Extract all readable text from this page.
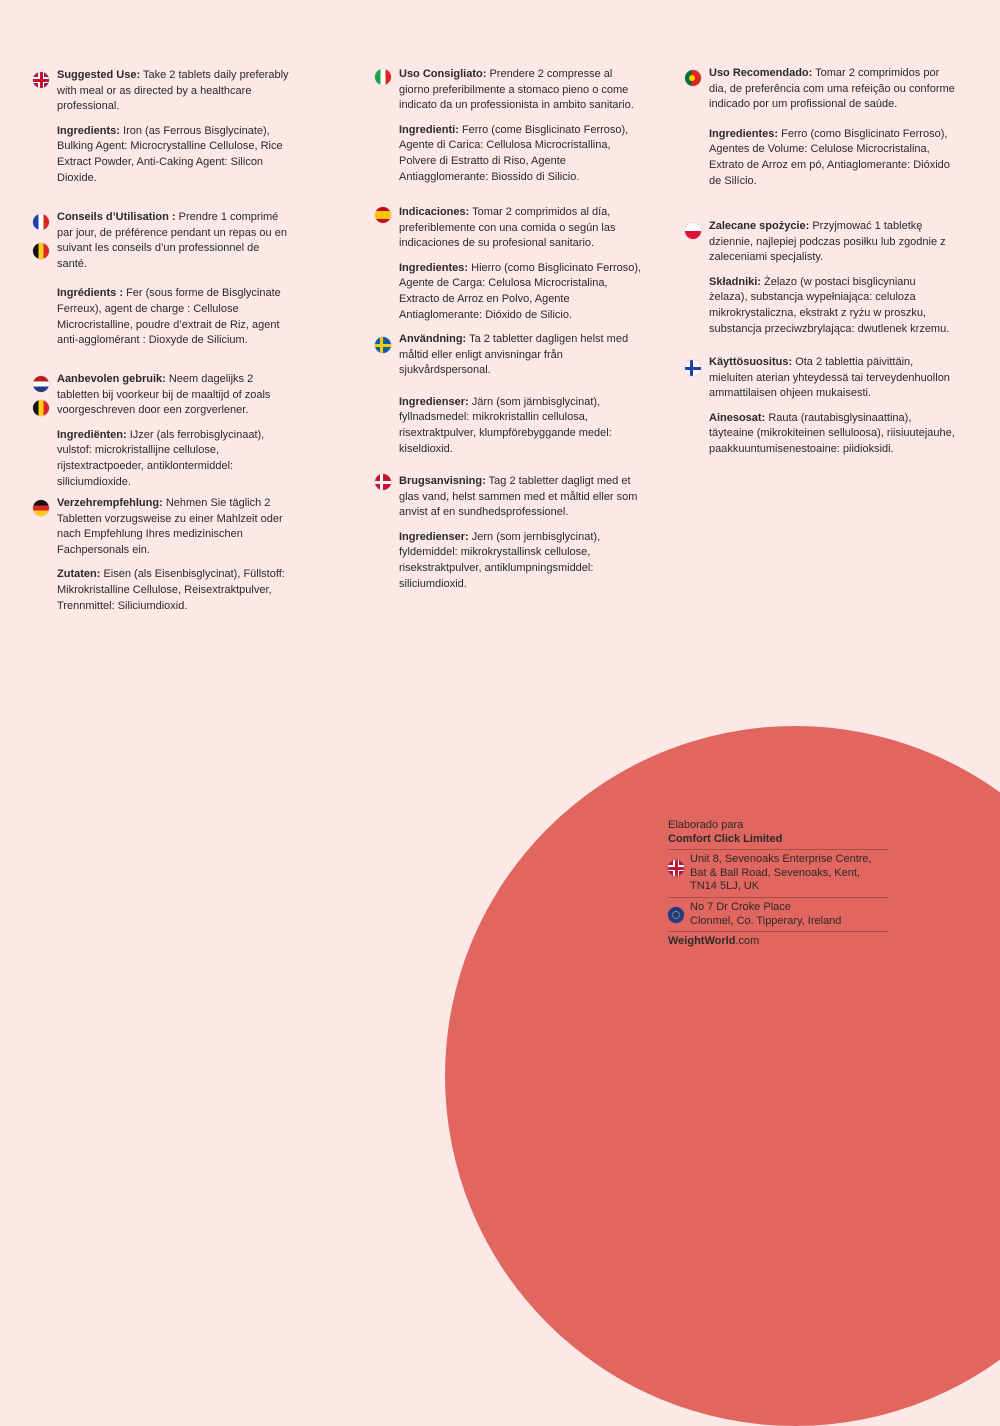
Suggested Use: Take 2 tablets daily preferably with meal or as directed by a healthcare professional.

Ingredients: Iron (as Ferrous Bisglycinate), Bulking Agent: Microcrystalline Cellulose, Rice Extract Powder, Anti-Caking Agent: Silicon Dioxide.

Conseils d’Utilisation : Prendre 1 comprimé par jour, de préférence pendant un repas ou en suivant les conseils d’un professionnel de santé.

Ingrédients : Fer (sous forme de Bisglycinate Ferreux), agent de charge : Cellulose Microcristalline, poudre d’extrait de Riz, agent anti-agglomérant : Dioxyde de Silicium.

Aanbevolen gebruik: Neem dagelijks 2 tabletten bij voorkeur bij de maaltijd of zoals voorgeschreven door een zorgverlener.

Ingrediënten: IJzer (als ferrobisglycinaat), vulstof: microkristallijne cellulose, rijstextractpoeder, antiklontermiddel: siliciumdioxide.

Verzehrempfehlung: Nehmen Sie täglich 2 Tabletten vorzugsweise zu einer Mahlzeit oder nach Empfehlung Ihres medizinischen Fachpersonals ein.

Zutaten: Eisen (als Eisenbisglycinat), Füllstoff: Mikrokristalline Cellulose, Reisextraktpulver, Trennmittel: Siliciumdioxid.

Uso Consigliato: Prendere 2 compresse al giorno preferibilmente a stomaco pieno o come indicato da un professionista in ambito sanitario.

Ingredienti: Ferro (come Bisglicinato Ferroso), Agente di Carica: Cellulosa Microcristallina, Polvere di Estratto di Riso, Agente Antiagglomerante: Biossido di Silicio.

Indicaciones: Tomar 2 comprimidos al día, preferiblemente con una comida o según las indicaciones de su profesional sanitario.

Ingredientes: Hierro (como Bisglicinato Ferroso), Agente de Carga: Celulosa Microcristalina, Extracto de Arroz en Polvo, Agente Antiaglomerante: Dióxido de Silicio.

Användning: Ta 2 tabletter dagligen helst med måltid eller enligt anvisningar från sjukvårdspersonal.

Ingredienser: Järn (som järnbisglycinat), fyllnadsmedel: mikrokristallin cellulosa, risextraktpulver, klumpförebyggande medel: kiseldioxid.

Brugsanvisning: Tag 2 tabletter dagligt med et glas vand, helst sammen med et måltid eller som anvist af en sundhedsprofessionel.

Ingredienser: Jern (som jernbisglycinat), fyldemiddel: mikrokrystallinsk cellulose, risekstraktpulver, antiklumpningsmiddel: siliciumdioxid.

Uso Recomendado: Tomar 2 comprimidos por dia, de preferência com uma refeição ou conforme indicado por um profissional de saúde.

Ingredientes: Ferro (como Bisglicinato Ferroso), Agentes de Volume: Celulose Microcristalina, Extrato de Arroz em pó, Antiaglomerante: Dióxido de Silício.

Zalecane spożycie: Przyjmować 1 tabletkę dziennie, najlepiej podczas posiłku lub zgodnie z zaleceniami specjalisty.

Składniki: Żelazo (w postaci bisglicynianu żelaza), substancja wypełniająca: celuloza mikrokrystaliczna, ekstrakt z ryżu w proszku, substancja przeciwzbrylająca: dwutlenek krzemu.

Käyttösuositus: Ota 2 tablettia päivittäin, mieluiten aterian yhteydessä tai terveydenhuollon ammattilaisen ohjeen mukaisesti.

Ainesosat: Rauta (rautabisglysinaattina), täyteaine (mikrokiteinen selluloosa), riisiuutejauhe, paakkuuntumisenestoaine: piidioksidi.

Elaborado para

Comfort Click Limited

Unit 8, Sevenoaks Enterprise Centre,

Bat & Ball Road, Sevenoaks, Kent,

TN14 5LJ, UK

No 7 Dr Croke Place

Clonmel, Co. Tipperary, Ireland

WeightWorld.com
